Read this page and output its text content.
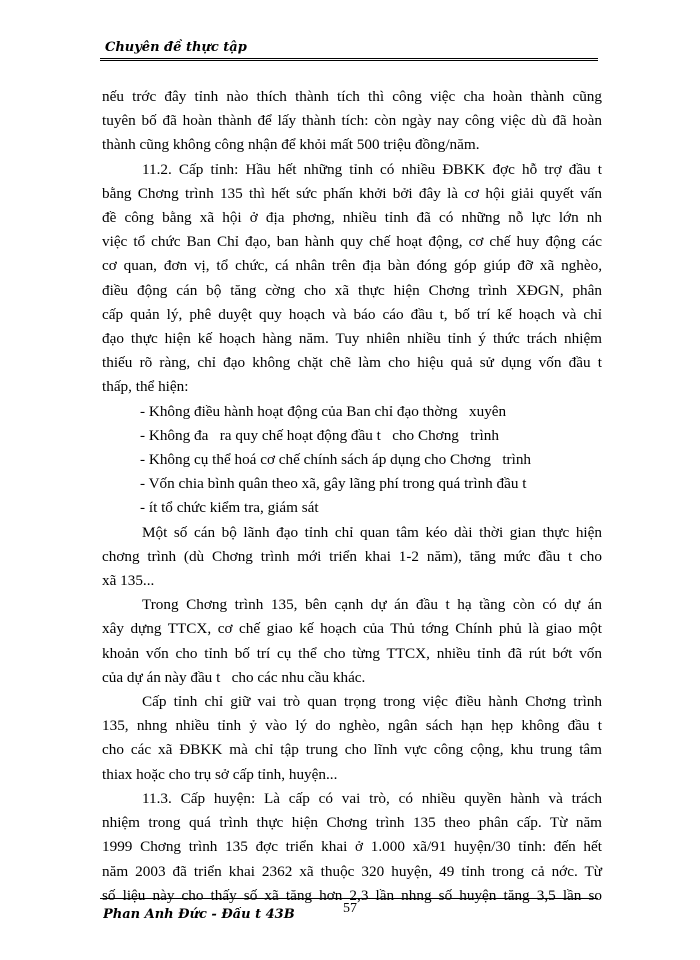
Chuyên đề thực tập
nếu trớc đây tỉnh nào thích thành tích thì công việc cha hoàn thành cũng
tuyên bố đã hoàn thành để lấy thành tích: còn ngày nay công việc dù đã hoàn
thành cũng không công nhận để khỏi mất 500 triệu đồng/năm.
11.2. Cấp tỉnh: Hầu hết những tỉnh có nhiều ĐBKK đợc hỗ trợ đầu t
bằng Chơng trình 135 thì hết sức phấn khởi bởi đây là cơ hội giải quyết vấn
đề công bằng xã hội ở địa phơng, nhiều tỉnh đã có những nỗ lực lớn nh
việc tổ chức Ban Chỉ đạo, ban hành quy chế hoạt động, cơ chế huy động các
cơ quan, đơn vị, tổ chức, cá nhân trên địa bàn đóng góp giúp đỡ xã nghèo,
điều động cán bộ tăng cờng cho xã thực hiện Chơng trình XĐGN, phân
cấp quản lý, phê duyệt quy hoạch và báo cáo đầu t, bố trí kế hoạch và chỉ
đạo thực hiện kế hoạch hàng năm. Tuy nhiên nhiều tỉnh ý thức trách nhiệm
thiếu rõ ràng, chỉ đạo không chặt chẽ làm cho hiệu quả sử dụng vốn đầu t
thấp, thể hiện:
- Không điều hành hoạt động của Ban chỉ đạo thờng   xuyên
- Không đa   ra quy chế hoạt động đầu t   cho Chơng   trình
- Không cụ thể hoá cơ chế chính sách áp dụng cho Chơng   trình
- Vốn chia bình quân theo xã, gây lãng phí trong quá trình đầu t
- ít tổ chức kiểm tra, giám sát
Một số cán bộ lãnh đạo tỉnh chỉ quan tâm kéo dài thời gian thực hiện
chơng trình (dù Chơng trình mới triển khai 1-2 năm), tăng mức đầu t cho
xã 135...
Trong Chơng trình 135, bên cạnh dự án đầu t hạ tầng còn có dự án
xây dựng TTCX, cơ chế giao kế hoạch của Thủ tớng Chính phủ là giao một
khoản vốn cho tỉnh bố trí cụ thể cho từng TTCX, nhiều tỉnh đã rút bớt vốn
của dự án này đầu t   cho các nhu cầu khác.
Cấp tỉnh chỉ giữ vai trò quan trọng trong việc điều hành Chơng trình
135, nhng nhiều tỉnh ỷ vào lý do nghèo, ngân sách hạn hẹp không đầu t
cho các xã ĐBKK mà chỉ tập trung cho lĩnh vực công cộng, khu trung tâm
thiax hoặc cho trụ sở cấp tỉnh, huyện...
11.3. Cấp huyện: Là cấp có vai trò, có nhiều quyền hành và trách
nhiệm trong quá trình thực hiện Chơng trình 135 theo phân cấp. Từ năm
1999 Chơng trình 135 đợc triển khai ở 1.000 xã/91 huyện/30 tỉnh: đến hết
năm 2003 đã triển khai 2362 xã thuộc 320 huyện, 49 tỉnh trong cả nớc. Từ
số liệu này cho thấy số xã tăng hơn 2,3 lần nhng số huyện tăng 3,5 lần so
Phan Anh Đức - Đầu t 43B	57
